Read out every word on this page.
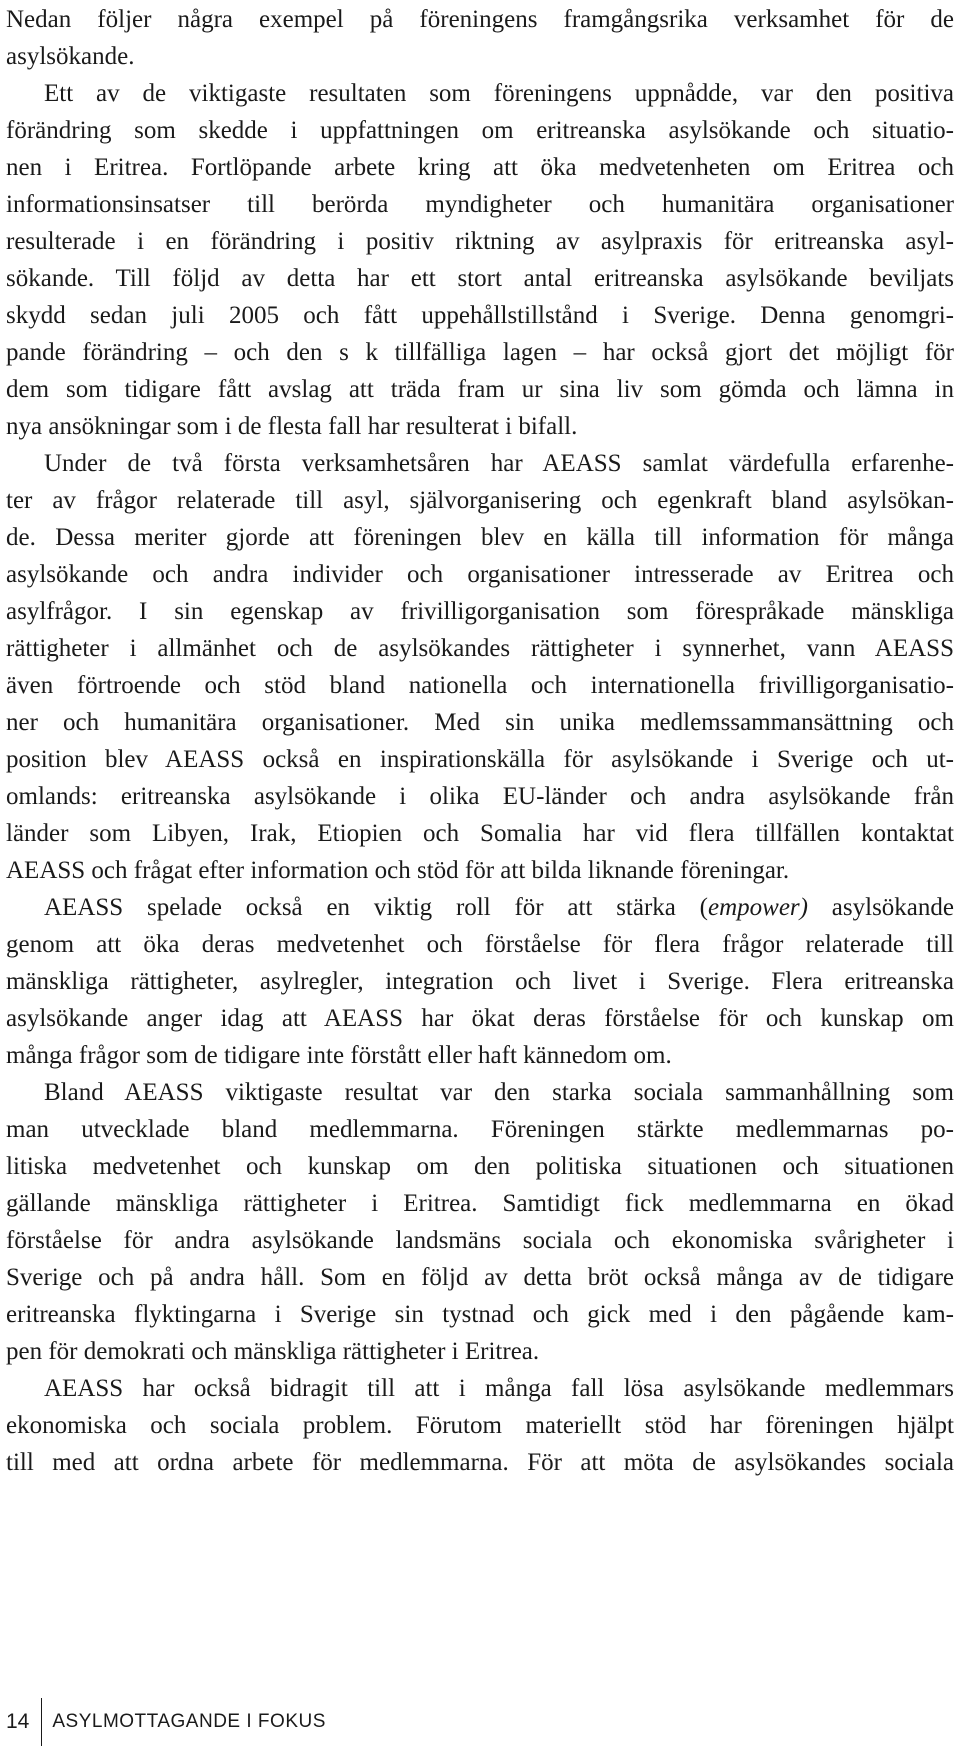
Nedan följer några exempel på föreningens framgångsrika verksamhet för de

asylsökande.

Ett av de viktigaste resultaten som föreningens uppnådde, var den positiva

förändring som skedde i uppfattningen om eritreanska asylsökande och situatio-

nen i Eritrea. Fortlöpande arbete kring att öka medvetenheten om Eritrea och

informationsinsatser till berörda myndigheter och humanitära organisationer

resulterade i en förändring i positiv riktning av asylpraxis för eritreanska asyl-

sökande. Till följd av detta har ett stort antal eritreanska asylsökande beviljats

skydd sedan juli 2005 och fått uppehållstillstånd i Sverige. Denna genomgri-

pande förändring – och den s k tillfälliga lagen – har också gjort det möjligt för

dem som tidigare fått avslag att träda fram ur sina liv som gömda och lämna in

nya ansökningar som i de flesta fall har resulterat i bifall.

Under de två första verksamhetsåren har AEASS samlat värdefulla erfarenhe-

ter av frågor relaterade till asyl, självorganisering och egenkraft bland asylsökan-

de. Dessa meriter gjorde att föreningen blev en källa till information för många

asylsökande och andra individer och organisationer intresserade av Eritrea och

asylfrågor. I sin egenskap av frivilligorganisation som förespråkade mänskliga

rättigheter i allmänhet och de asylsökandes rättigheter i synnerhet, vann AEASS

även förtroende och stöd bland nationella och internationella frivilligorganisatio-

ner och humanitära organisationer. Med sin unika medlemssammansättning och

position blev AEASS också en inspirationskälla för asylsökande i Sverige och ut-

omlands: eritreanska asylsökande i olika EU-länder och andra asylsökande från

länder som Libyen, Irak, Etiopien och Somalia har vid flera tillfällen kontaktat

AEASS och frågat efter information och stöd för att bilda liknande föreningar.

AEASS spelade också en viktig roll för att stärka (empower) asylsökande

genom att öka deras medvetenhet och förståelse för flera frågor relaterade till

mänskliga rättigheter, asylregler, integration och livet i Sverige. Flera eritreanska

asylsökande anger idag att AEASS har ökat deras förståelse för och kunskap om

många frågor som de tidigare inte förstått eller haft kännedom om.

Bland AEASS viktigaste resultat var den starka sociala sammanhållning som

man utvecklade bland medlemmarna. Föreningen stärkte medlemmarnas po-

litiska medvetenhet och kunskap om den politiska situationen och situationen

gällande mänskliga rättigheter i Eritrea. Samtidigt fick medlemmarna en ökad

förståelse för andra asylsökande landsmäns sociala och ekonomiska svårigheter i

Sverige och på andra håll. Som en följd av detta bröt också många av de tidigare

eritreanska flyktingarna i Sverige sin tystnad och gick med i den pågående kam-

pen för demokrati och mänskliga rättigheter i Eritrea.

AEASS har också bidragit till att i många fall lösa asylsökande medlemmars

ekonomiska och sociala problem. Förutom materiellt stöd har föreningen hjälpt

till med att ordna arbete för medlemmarna. För att möta de asylsökandes sociala

14	ASYLMOTTAGANDE I FOKUS
